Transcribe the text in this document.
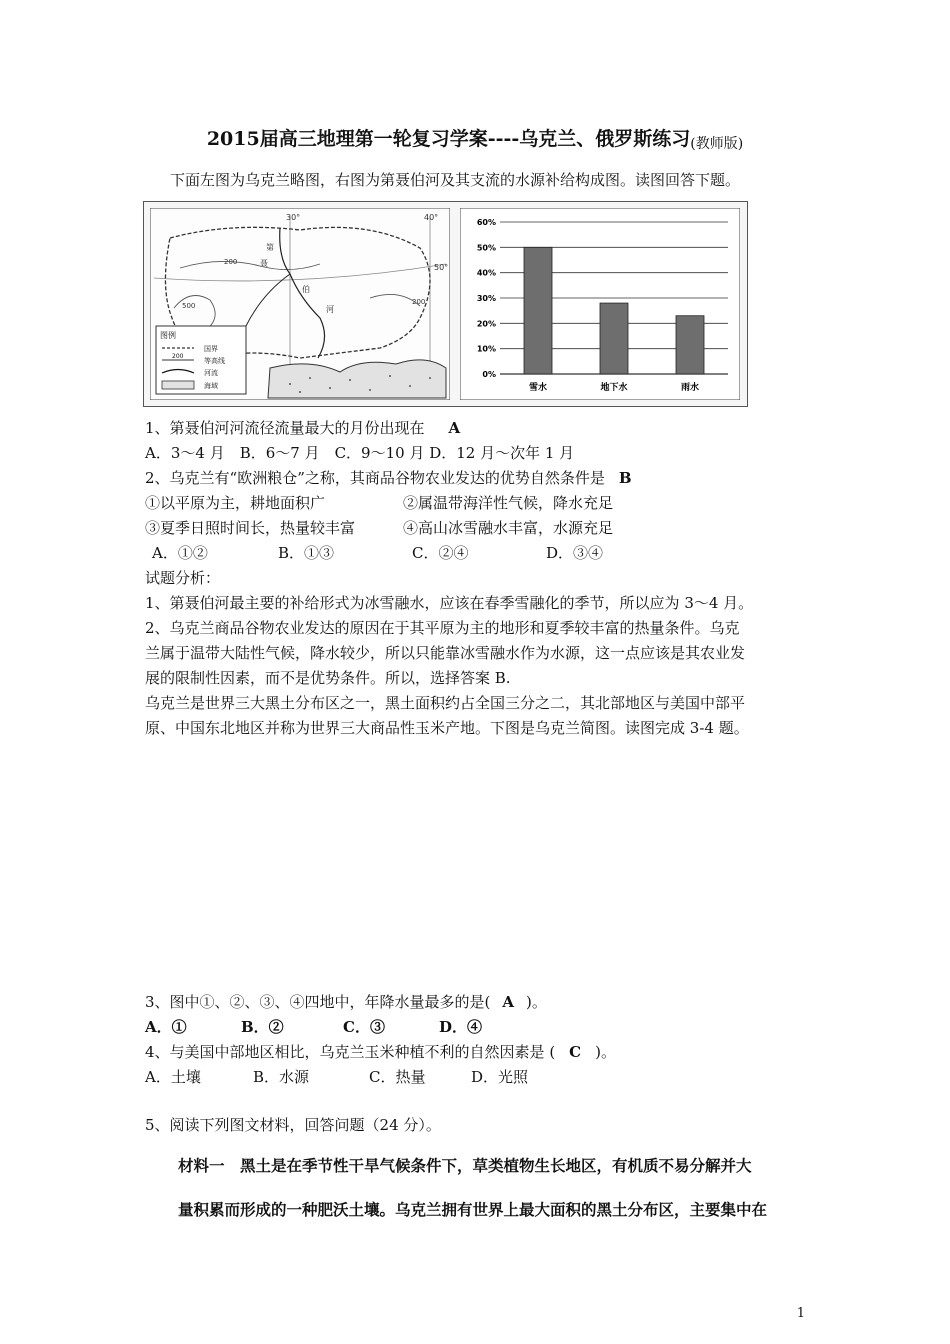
2015届高三地理第一轮复习学案----乌克兰、俄罗斯练习$_{(教师版)}$
下面左图为乌克兰略图，右图为第聂伯河及其支流的水源补给构成图。读图回答下题。
30°	40°
50°
200
500	200
第
聂
伯
河
图例
国界
200
等高线
河流
海域
0%
10%
20%
30%
40%
50%
60%
雪水	地下水	雨水
1、第聂伯河河流径流量最大的月份出现在 A
A．3～4 月　B．6～7 月　C．9～10 月 D．12 月～次年 1 月
2、乌克兰有“欧洲粮仓”之称，其商品谷物农业发达的优势自然条件是 B
①以平原为主，耕地面积广	②属温带海洋性气候，降水充足
③夏季日照时间长，热量较丰富	④高山冰雪融水丰富，水源充足
A．①②	B．①③	C．②④	D．③④
试题分析：
1、第聂伯河最主要的补给形式为冰雪融水，应该在春季雪融化的季节，所以应为 3～4 月。
2、乌克兰商品谷物农业发达的原因在于其平原为主的地形和夏季较丰富的热量条件。乌克
兰属于温带大陆性气候，降水较少，所以只能靠冰雪融水作为水源，这一点应该是其农业发
展的限制性因素，而不是优势条件。所以，选择答案 B.
乌克兰是世界三大黑土分布区之一，黑土面积约占全国三分之二，其北部地区与美国中部平
原、中国东北地区并称为世界三大商品性玉米产地。下图是乌克兰简图。读图完成 3-4 题。
3、图中①、②、③、④四地中，年降水量最多的是( A )。
A．①	B．②	C．③	D．④
4、与美国中部地区相比，乌克兰玉米种植不利的自然因素是 ( C )。
A．土壤	B．水源	C．热量	D．光照
5、阅读下列图文材料，回答问题（24 分）。
材料一　黑土是在季节性干旱气候条件下，草类植物生长地区，有机质不易分解并大
量积累而形成的一种肥沃土壤。乌克兰拥有世界上最大面积的黑土分布区，主要集中在
1
